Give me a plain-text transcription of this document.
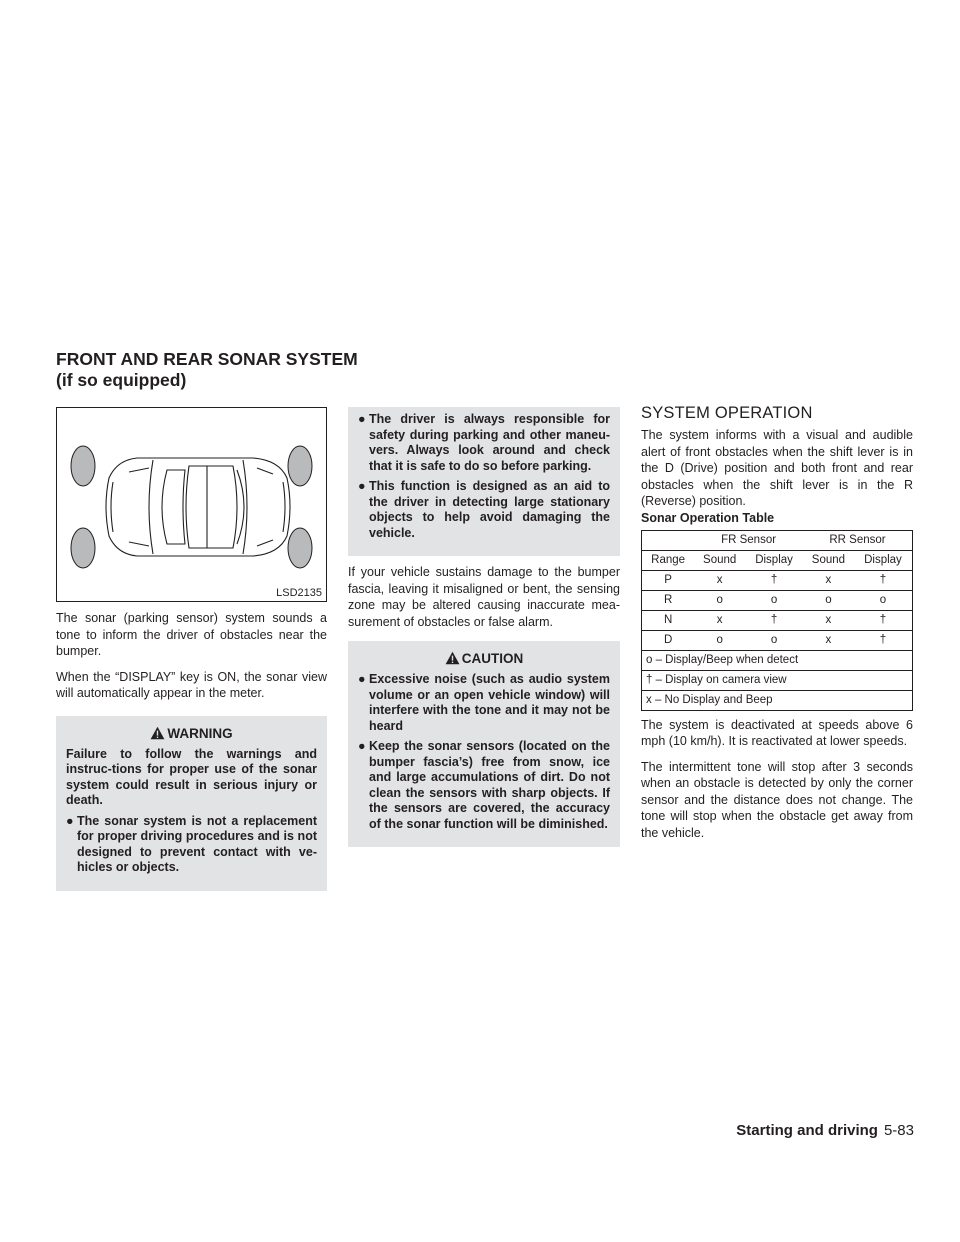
FRONT AND REAR SONAR SYSTEM
(if so equipped)
LSD2135

The sonar (parking sensor) system sounds a tone to inform the driver of obstacles near the bumper.

When the “DISPLAY” key is ON, the sonar view will automatically appear in the meter.

WARNING

Failure to follow the warnings and instruc-tions for proper use of the sonar system could result in serious injury or death.

● The sonar system is not a replacement for proper driving procedures and is not designed to prevent contact with ve-hicles or objects.
● The driver is always responsible for safety during parking and other maneu-vers. Always look around and check that it is safe to do so before parking.
● This function is designed as an aid to the driver in detecting large stationary objects to help avoid damaging the vehicle.

If your vehicle sustains damage to the bumper fascia, leaving it misaligned or bent, the sensing zone may be altered causing inaccurate mea-surement of obstacles or false alarm.

CAUTION
● Excessive noise (such as audio system volume or an open vehicle window) will interfere with the tone and it may not be heard
● Keep the sonar sensors (located on the bumper fascia’s) free from snow, ice and large accumulations of dirt. Do not clean the sensors with sharp objects. If the sensors are covered, the accuracy of the sonar function will be diminished.
SYSTEM OPERATION

The system informs with a visual and audible alert of front obstacles when the shift lever is in the D (Drive) position and both front and rear obstacles when the shift lever is in the R (Reverse) position.

Sonar Operation Table
	FR Sensor		RR Sensor	
Range	Sound	Display	Sound	Display
P	x	†	x	†
R	o	o	o	o
N	x	†	x	†
D	o	o	x	†
o – Display/Beep when detect				
† – Display on camera view				
x – No Display and Beep				

The system is deactivated at speeds above 6 mph (10 km/h). It is reactivated at lower speeds.

The intermittent tone will stop after 3 seconds when an obstacle is detected by only the corner sensor and the distance does not change. The tone will stop when the obstacle get away from the vehicle.

Starting and driving 5-83
